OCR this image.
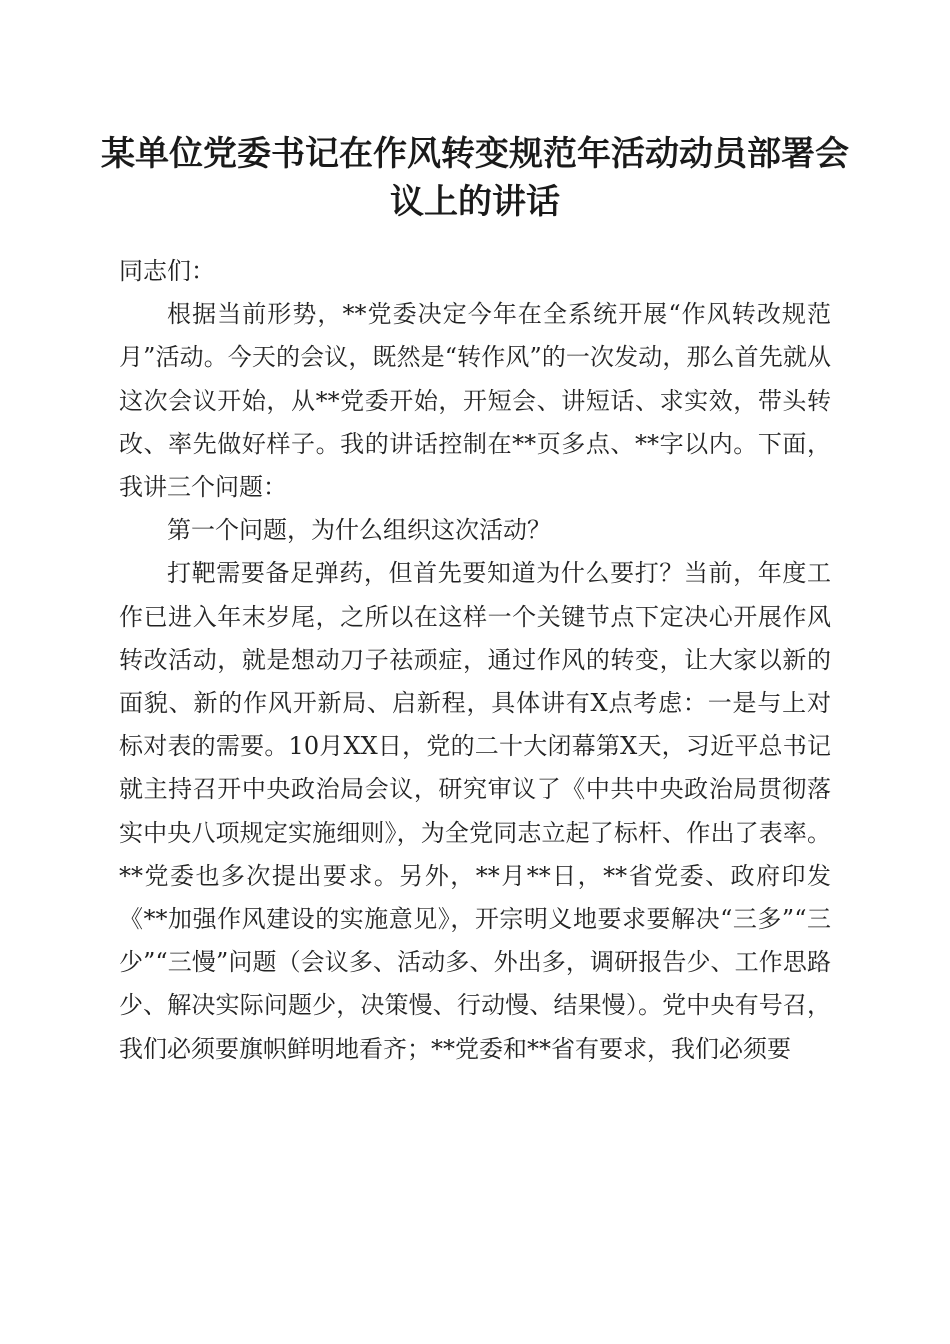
某单位党委书记在作风转变规范年活动动员部署会议上的讲话

同志们：

根据当前形势，**党委决定今年在全系统开展“作风转改规范月”活动。今天的会议，既然是“转作风”的一次发动，那么首先就从这次会议开始，从**党委开始，开短会、讲短话、求实效，带头转改、率先做好样子。我的讲话控制在**页多点、**字以内。下面，我讲三个问题：

第一个问题，为什么组织这次活动？

打靶需要备足弹药，但首先要知道为什么要打？当前，年度工作已进入年末岁尾，之所以在这样一个关键节点下定决心开展作风转改活动，就是想动刀子祛顽症，通过作风的转变，让大家以新的面貌、新的作风开新局、启新程，具体讲有X点考虑：一是与上对标对表的需要。10月XX日，党的二十大闭幕第X天，习近平总书记就主持召开中央政治局会议，研究审议了《中共中央政治局贯彻落实中央八项规定实施细则》，为全党同志立起了标杆、作出了表率。**党委也多次提出要求。另外，**月**日，**省党委、政府印发《**加强作风建设的实施意见》，开宗明义地要求要解决“三多”“三少”“三慢”问题（会议多、活动多、外出多，调研报告少、工作思路少、解决实际问题少，决策慢、行动慢、结果慢）。党中央有号召，我们必须要旗帜鲜明地看齐；**党委和**省有要求，我们必须要
